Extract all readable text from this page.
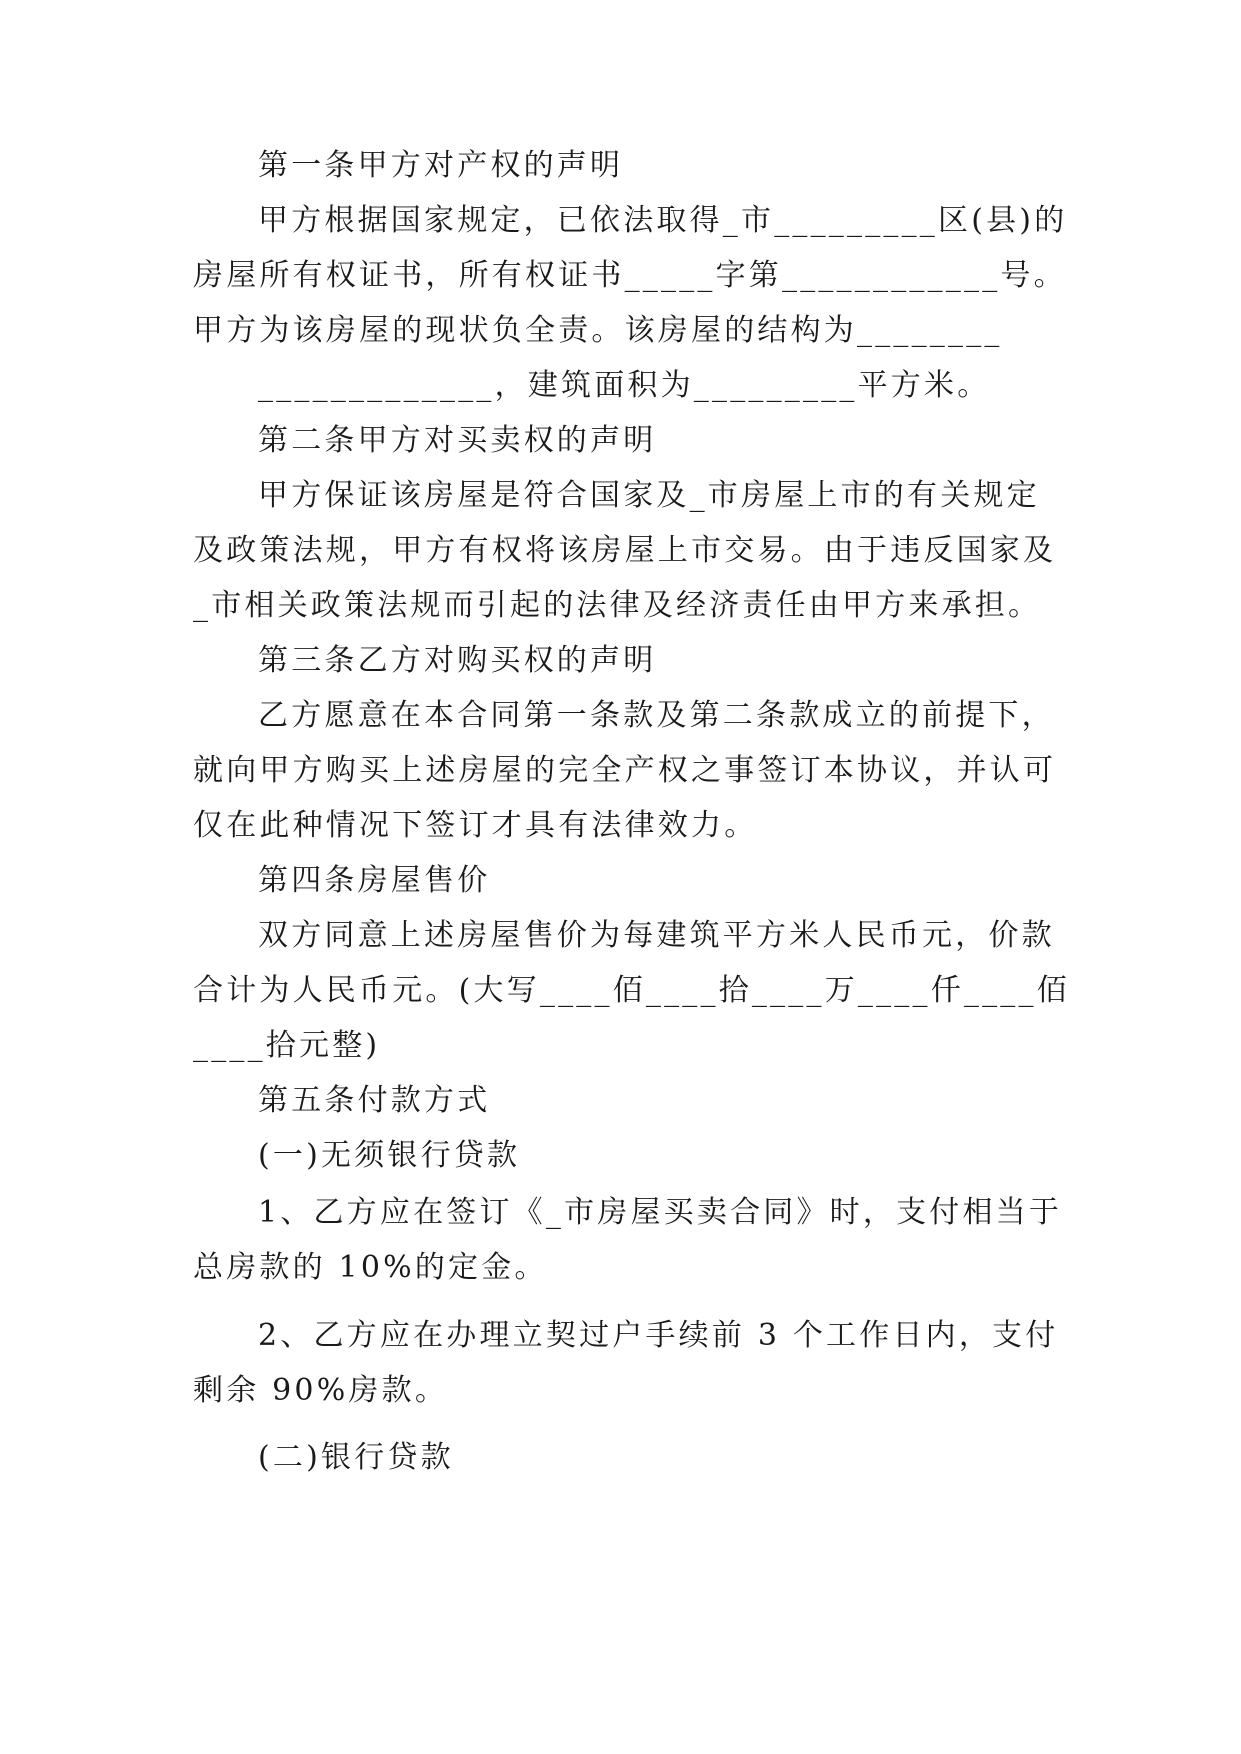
第一条甲方对产权的声明
甲方根据国家规定，已依法取得_市_________区(县)的
房屋所有权证书，所有权证书_____字第____________号。
甲方为该房屋的现状负全责。该房屋的结构为________
_____________，建筑面积为_________平方米。
第二条甲方对买卖权的声明
甲方保证该房屋是符合国家及_市房屋上市的有关规定
及政策法规，甲方有权将该房屋上市交易。由于违反国家及
_市相关政策法规而引起的法律及经济责任由甲方来承担。
第三条乙方对购买权的声明
乙方愿意在本合同第一条款及第二条款成立的前提下，
就向甲方购买上述房屋的完全产权之事签订本协议，并认可
仅在此种情况下签订才具有法律效力。
第四条房屋售价
双方同意上述房屋售价为每建筑平方米人民币元，价款
合计为人民币元。(大写____佰____拾____万____仟____佰
____拾元整)
第五条付款方式
(一)无须银行贷款
1、乙方应在签订《_市房屋买卖合同》时，支付相当于
总房款的 10%的定金。
2、乙方应在办理立契过户手续前 3 个工作日内，支付
剩余 90%房款。
(二)银行贷款
